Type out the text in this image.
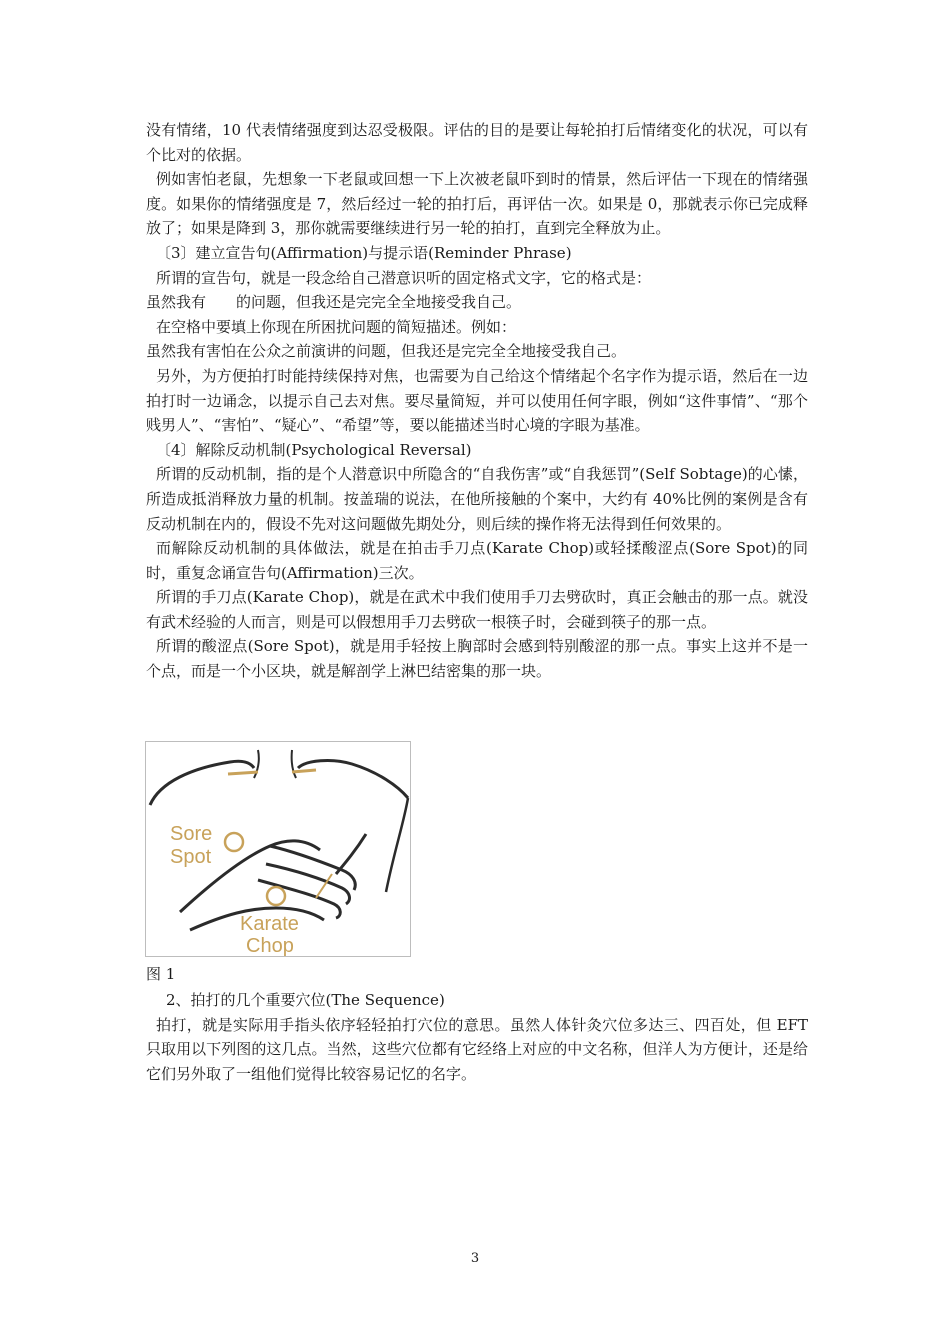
没有情绪，10 代表情绪强度到达忍受极限。评估的目的是要让每轮拍打后情绪变化的状况，可以有个比对的依据。

例如害怕老鼠，先想象一下老鼠或回想一下上次被老鼠吓到时的情景，然后评估一下现在的情绪强度。如果你的情绪强度是 7，然后经过一轮的拍打后，再评估一次。如果是 0，那就表示你已完成释放了；如果是降到 3，那你就需要继续进行另一轮的拍打，直到完全释放为止。

〔3〕建立宣告句(Affirmation)与提示语(Reminder Phrase)

所谓的宣告句，就是一段念给自己潜意识听的固定格式文字，它的格式是：

虽然我有　　的问题，但我还是完完全全地接受我自己。

在空格中要填上你现在所困扰问题的简短描述。例如：

虽然我有害怕在公众之前演讲的问题，但我还是完完全全地接受我自己。

另外，为方便拍打时能持续保持对焦，也需要为自己给这个情绪起个名字作为提示语，然后在一边拍打时一边诵念，以提示自己去对焦。要尽量简短，并可以使用任何字眼，例如“这件事情”、“那个贱男人”、“害怕”、“疑心”、“希望”等，要以能描述当时心境的字眼为基准。

〔4〕解除反动机制(Psychological Reversal)

所谓的反动机制，指的是个人潜意识中所隐含的“自我伤害”或“自我惩罚”(Self Sobtage)的心愫，所造成抵消释放力量的机制。按盖瑞的说法，在他所接触的个案中，大约有 40%比例的案例是含有反动机制在内的，假设不先对这问题做先期处分，则后续的操作将无法得到任何效果的。

而解除反动机制的具体做法，就是在拍击手刀点(Karate Chop)或轻揉酸涩点(Sore Spot)的同时，重复念诵宣告句(Affirmation)三次。

所谓的手刀点(Karate Chop)，就是在武术中我们使用手刀去劈砍时，真正会触击的那一点。就没有武术经验的人而言，则是可以假想用手刀去劈砍一根筷子时，会碰到筷子的那一点。

所谓的酸涩点(Sore Spot)，就是用手轻按上胸部时会感到特别酸涩的那一点。事实上这并不是一个点，而是一个小区块，就是解剖学上淋巴结密集的那一块。

Sore
Spot
Karate
Chop
图 1

2、拍打的几个重要穴位(The Sequence)

拍打，就是实际用手指头依序轻轻拍打穴位的意思。虽然人体针灸穴位多达三、四百处，但 EFT 只取用以下列图的这几点。当然，这些穴位都有它经络上对应的中文名称，但洋人为方便计，还是给它们另外取了一组他们觉得比较容易记忆的名字。

3
